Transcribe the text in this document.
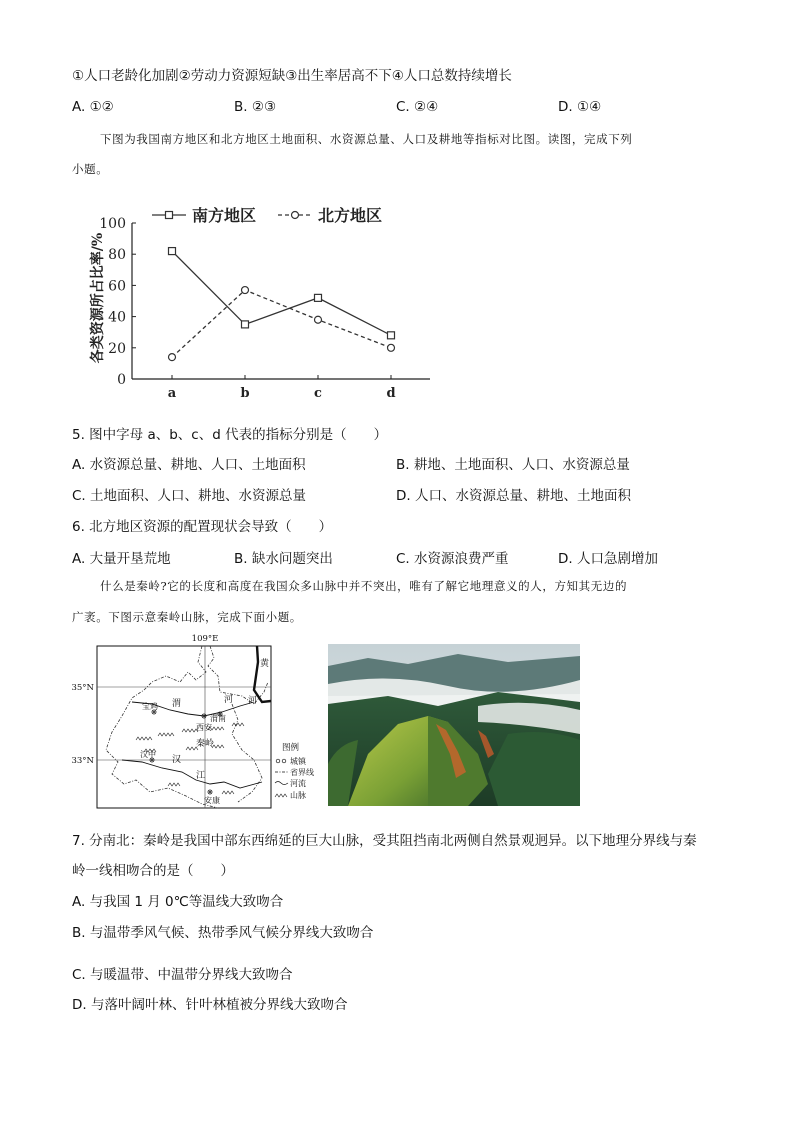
①人口老龄化加剧②劳动力资源短缺③出生率居高不下④人口总数持续增长
A. ①②	B. ②③	C. ②④	D. ①④
下图为我国南方地区和北方地区土地面积、水资源总量、人口及耕地等指标对比图。读图，完成下列
小题。
各类资源所占比率/%
0
20
40
60
80
100
a	b	c	d
南方地区	北方地区
5. 图中字母 a、b、c、d 代表的指标分别是（　　）
A. 水资源总量、耕地、人口、土地面积	B. 耕地、土地面积、人口、水资源总量
C. 土地面积、人口、耕地、水资源总量	D. 人口、水资源总量、耕地、土地面积
6. 北方地区资源的配置现状会导致（　　）
A. 大量开垦荒地	B. 缺水问题突出	C. 水资源浪费严重	D. 人口急剧增加
什么是秦岭?它的长度和高度在我国众多山脉中并不突出，唯有了解它地理意义的人，方知其无边的
广袤。下图示意秦岭山脉，完成下面小题。
109°E
35°N
33°N
宝鸡
渭南
西安
秦岭
汉中
安康
黄
河
渭	河
汉
江
图例
城镇
省界线
河流
山脉
7. 分南北：秦岭是我国中部东西绵延的巨大山脉，受其阻挡南北两侧自然景观迥异。以下地理分界线与秦
岭一线相吻合的是（　　）
A. 与我国 1 月 0℃等温线大致吻合
B. 与温带季风气候、热带季风气候分界线大致吻合
C. 与暖温带、中温带分界线大致吻合
D. 与落叶阔叶林、针叶林植被分界线大致吻合
